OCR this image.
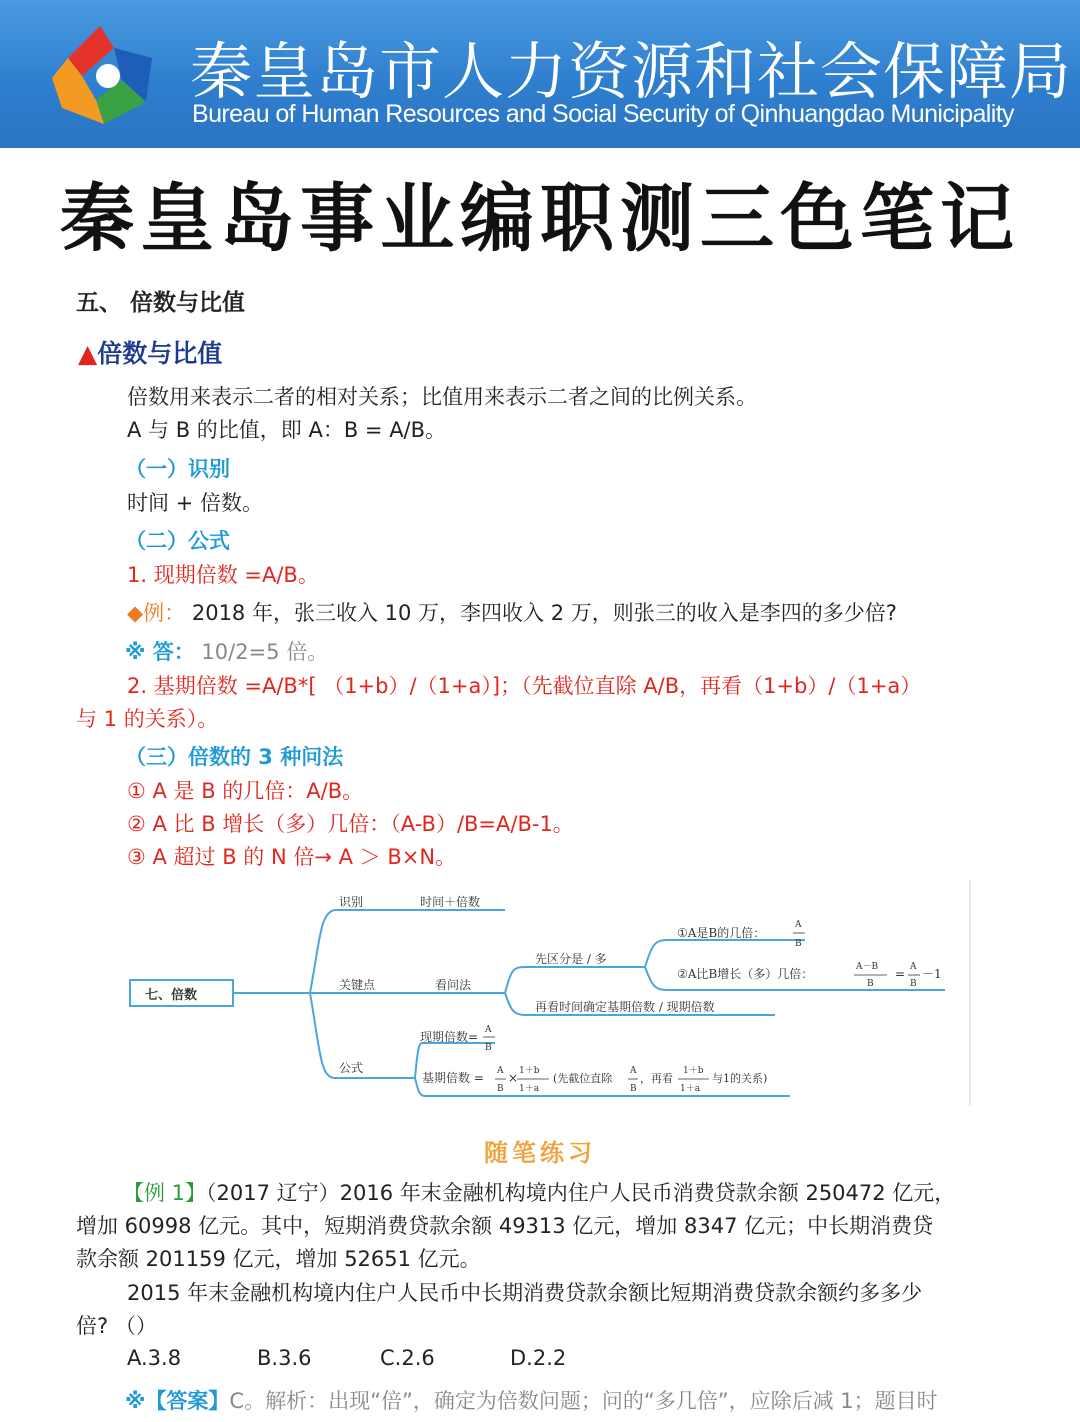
秦皇岛市人力资源和社会保障局
Bureau of Human Resources and Social Security of Qinhuangdao Municipality
秦皇岛事业编职测三色笔记
五、 倍数与比值
▲倍数与比值
倍数用来表示二者的相对关系；比值用来表示二者之间的比例关系。
A 与 B 的比值，即 A：B = A/B。
（一）识别
时间 + 倍数。
（二）公式
1. 现期倍数 =A/B。
◆例： 2018 年，张三收入 10 万，李四收入 2 万，则张三的收入是李四的多少倍?
※ 答： 10/2=5 倍。
2. 基期倍数 =A/B*[ （1+b）/（1+a）]；（先截位直除 A/B，再看（1+b）/（1+a）
与 1 的关系）。
（三）倍数的 3 种问法
① A 是 B 的几倍：A/B。
② A 比 B 增长（多）几倍：（A-B）/B=A/B-1。
③ A 超过 B 的 N 倍→ A ＞ B×N。
七、倍数
识别	时间＋倍数
关键点	看问法
先区分是 / 多
①A是B的几倍：
A
B
②A比B增长（多）几倍：	A－B
B
= A
B
－1
再看时间确定基期倍数 / 现期倍数
公式
现期倍数= A
B
基期倍数 = A
B
× 1＋b
1＋a
(先截位直除
A
B
，再看
1＋b
1＋a
与1的关系)
随笔练习
【例 1】（2017 辽宁）2016 年末金融机构境内住户人民币消费贷款余额 250472 亿元，
增加 60998 亿元。其中，短期消费贷款余额 49313 亿元，增加 8347 亿元；中长期消费贷
款余额 201159 亿元，增加 52651 亿元。
2015 年末金融机构境内住户人民币中长期消费贷款余额比短期消费贷款余额约多多少
倍? （）
A.3.8	B.3.6	C.2.6	D.2.2
※【答案】C。解析：出现“倍”，确定为倍数问题；问的“多几倍”，应除后减 1；题目时
